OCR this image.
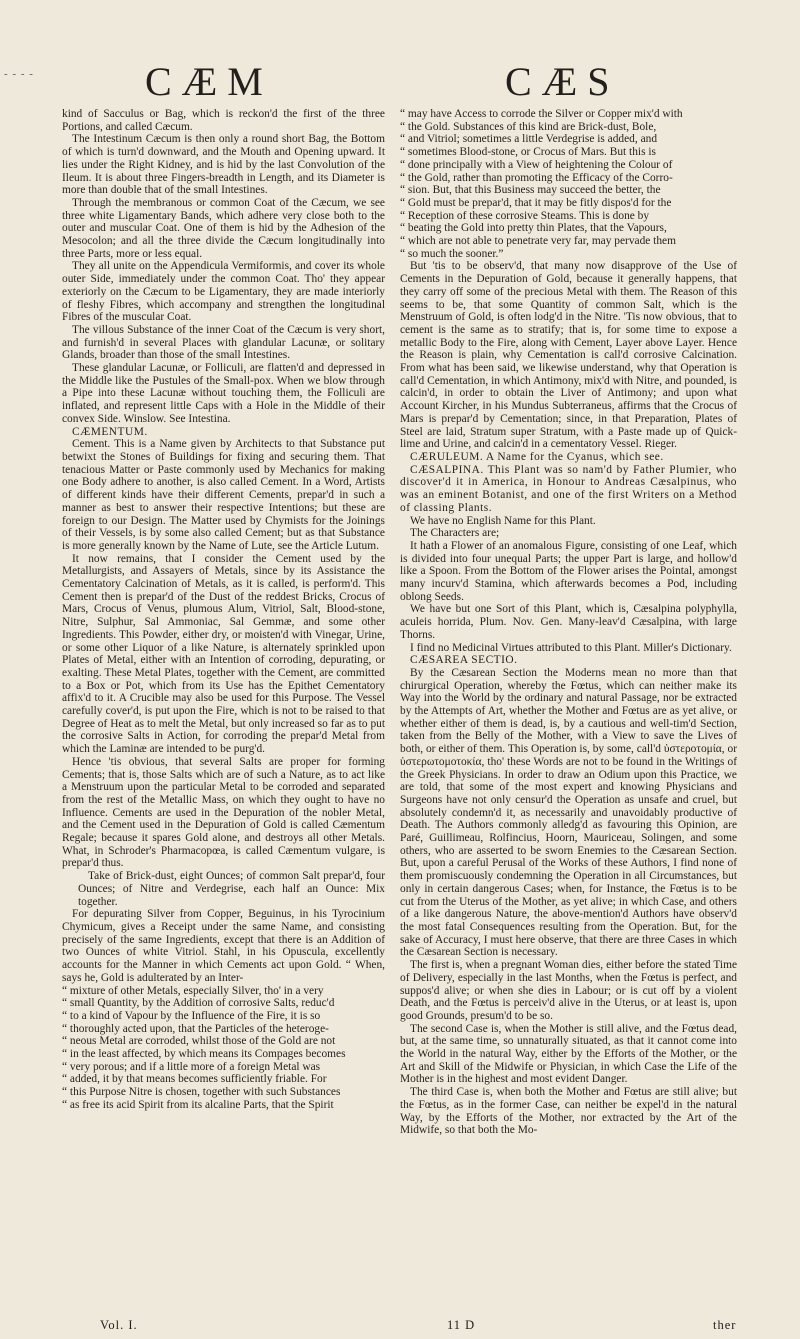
- - - -	CÆM	CÆS

kind of Sacculus or Bag, which is reckon'd the first of the three Portions, and called Cæcum.

The Intestinum Cæcum is then only a round short Bag, the Bottom of which is turn'd downward, and the Mouth and Opening upward. It lies under the Right Kidney, and is hid by the last Convolution of the Ileum. It is about three Fingers-breadth in Length, and its Diameter is more than double that of the small Intestines.

Through the membranous or common Coat of the Cæcum, we see three white Ligamentary Bands, which adhere very close both to the outer and muscular Coat. One of them is hid by the Adhesion of the Mesocolon; and all the three divide the Cæcum longitudinally into three Parts, more or less equal.

They all unite on the Appendicula Vermiformis, and cover its whole outer Side, immediately under the common Coat. Tho' they appear exteriorly on the Cæcum to be Ligamentary, they are made interiorly of fleshy Fibres, which accompany and strengthen the longitudinal Fibres of the muscular Coat.

The villous Substance of the inner Coat of the Cæcum is very short, and furnish'd in several Places with glandular Lacunæ, or solitary Glands, broader than those of the small Intestines.

These glandular Lacunæ, or Folliculi, are flatten'd and depressed in the Middle like the Pustules of the Small-pox. When we blow through a Pipe into these Lacunæ without touching them, the Folliculi are inflated, and represent little Caps with a Hole in the Middle of their convex Side. Winslow. See Intestina.

CÆMENTUM.

Cement. This is a Name given by Architects to that Substance put betwixt the Stones of Buildings for fixing and securing them. That tenacious Matter or Paste commonly used by Mechanics for making one Body adhere to another, is also called Cement. In a Word, Artists of different kinds have their different Cements, prepar'd in such a manner as best to answer their respective Intentions; but these are foreign to our Design. The Matter used by Chymists for the Joinings of their Vessels, is by some also called Cement; but as that Substance is more generally known by the Name of Lute, see the Article Lutum.

It now remains, that I consider the Cement used by the Metallurgists, and Assayers of Metals, since by its Assistance the Cementatory Calcination of Metals, as it is called, is perform'd. This Cement then is prepar'd of the Dust of the reddest Bricks, Crocus of Mars, Crocus of Venus, plumous Alum, Vitriol, Salt, Blood-stone, Nitre, Sulphur, Sal Ammoniac, Sal Gemmæ, and some other Ingredients. This Powder, either dry, or moisten'd with Vinegar, Urine, or some other Liquor of a like Nature, is alternately sprinkled upon Plates of Metal, either with an Intention of corroding, depurating, or exalting. These Metal Plates, together with the Cement, are committed to a Box or Pot, which from its Use has the Epithet Cementatory affix'd to it. A Crucible may also be used for this Purpose. The Vessel carefully cover'd, is put upon the Fire, which is not to be raised to that Degree of Heat as to melt the Metal, but only increased so far as to put the corrosive Salts in Action, for corroding the prepar'd Metal from which the Laminæ are intended to be purg'd.

Hence 'tis obvious, that several Salts are proper for forming Cements; that is, those Salts which are of such a Nature, as to act like a Menstruum upon the particular Metal to be corroded and separated from the rest of the Metallic Mass, on which they ought to have no Influence. Cements are used in the Depuration of the nobler Metal, and the Cement used in the Depuration of Gold is called Cæmentum Regale; because it spares Gold alone, and destroys all other Metals. What, in Schroder's Pharmacopœa, is called Cæmentum vulgare, is prepar'd thus.

Take of Brick-dust, eight Ounces; of common Salt prepar'd, four Ounces; of Nitre and Verdegrise, each half an Ounce: Mix together.

For depurating Silver from Copper, Beguinus, in his Tyrocinium Chymicum, gives a Receipt under the same Name, and consisting precisely of the same Ingredients, except that there is an Addition of two Ounces of white Vitriol. Stahl, in his Opuscula, excellently accounts for the Manner in which Cements act upon Gold. “ When, says he, Gold is adulterated by an Inter-

“ mixture of other Metals, especially Silver, tho' in a very

“ small Quantity, by the Addition of corrosive Salts, reduc'd

“ to a kind of Vapour by the Influence of the Fire, it is so

“ thoroughly acted upon, that the Particles of the heteroge-

“ neous Metal are corroded, whilst those of the Gold are not

“ in the least affected, by which means its Compages becomes

“ very porous; and if a little more of a foreign Metal was

“ added, it by that means becomes sufficiently friable. For

“ this Purpose Nitre is chosen, together with such Substances

“ as free its acid Spirit from its alcaline Parts, that the Spirit

“ may have Access to corrode the Silver or Copper mix'd with

“ the Gold. Substances of this kind are Brick-dust, Bole,

“ and Vitriol; sometimes a little Verdegrise is added, and

“ sometimes Blood-stone, or Crocus of Mars. But this is

“ done principally with a View of heightening the Colour of

“ the Gold, rather than promoting the Efficacy of the Corro-

“ sion. But, that this Business may succeed the better, the

“ Gold must be prepar'd, that it may be fitly dispos'd for the

“ Reception of these corrosive Steams. This is done by

“ beating the Gold into pretty thin Plates, that the Vapours,

“ which are not able to penetrate very far, may pervade them

“ so much the sooner.”

But 'tis to be observ'd, that many now disapprove of the Use of Cements in the Depuration of Gold, because it generally happens, that they carry off some of the precious Metal with them. The Reason of this seems to be, that some Quantity of common Salt, which is the Menstruum of Gold, is often lodg'd in the Nitre. 'Tis now obvious, that to cement is the same as to stratify; that is, for some time to expose a metallic Body to the Fire, along with Cement, Layer above Layer. Hence the Reason is plain, why Cementation is call'd corrosive Calcination. From what has been said, we likewise understand, why that Operation is call'd Cementation, in which Antimony, mix'd with Nitre, and pounded, is calcin'd, in order to obtain the Liver of Antimony; and upon what Account Kircher, in his Mundus Subterraneus, affirms that the Crocus of Mars is prepar'd by Cementation; since, in that Preparation, Plates of Steel are laid, Stratum super Stratum, with a Paste made up of Quick-lime and Urine, and calcin'd in a cementatory Vessel. Rieger.

CÆRULEUM. A Name for the Cyanus, which see.

CÆSALPINA. This Plant was so nam'd by Father Plumier, who discover'd it in America, in Honour to Andreas Cæsalpinus, who was an eminent Botanist, and one of the first Writers on a Method of classing Plants.

We have no English Name for this Plant.

The Characters are;

It hath a Flower of an anomalous Figure, consisting of one Leaf, which is divided into four unequal Parts; the upper Part is large, and hollow'd like a Spoon. From the Bottom of the Flower arises the Pointal, amongst many incurv'd Stamina, which afterwards becomes a Pod, including oblong Seeds.

We have but one Sort of this Plant, which is, Cæsalpina polyphylla, aculeis horrida, Plum. Nov. Gen. Many-leav'd Cæsalpina, with large Thorns.

I find no Medicinal Virtues attributed to this Plant. Miller's Dictionary.

CÆSAREA SECTIO.

By the Cæsarean Section the Moderns mean no more than that chirurgical Operation, whereby the Fœtus, which can neither make its Way into the World by the ordinary and natural Passage, nor be extracted by the Attempts of Art, whether the Mother and Fœtus are as yet alive, or whether either of them is dead, is, by a cautious and well-tim'd Section, taken from the Belly of the Mother, with a View to save the Lives of both, or either of them. This Operation is, by some, call'd ὑστεροτομία, or ὑστερωτομοτοκία, tho' these Words are not to be found in the Writings of the Greek Physicians. In order to draw an Odium upon this Practice, we are told, that some of the most expert and knowing Physicians and Surgeons have not only censur'd the Operation as unsafe and cruel, but absolutely condemn'd it, as necessarily and unavoidably productive of Death. The Authors commonly alledg'd as favouring this Opinion, are Paré, Guillimeau, Rolfincius, Hoorn, Mauriceau, Solingen, and some others, who are asserted to be sworn Enemies to the Cæsarean Section. But, upon a careful Perusal of the Works of these Authors, I find none of them promiscuously condemning the Operation in all Circumstances, but only in certain dangerous Cases; when, for Instance, the Fœtus is to be cut from the Uterus of the Mother, as yet alive; in which Case, and others of a like dangerous Nature, the above-mention'd Authors have observ'd the most fatal Consequences resulting from the Operation. But, for the sake of Accuracy, I must here observe, that there are three Cases in which the Cæsarean Section is necessary.

The first is, when a pregnant Woman dies, either before the stated Time of Delivery, especially in the last Months, when the Fœtus is perfect, and suppos'd alive; or when she dies in Labour; or is cut off by a violent Death, and the Fœtus is perceiv'd alive in the Uterus, or at least is, upon good Grounds, presum'd to be so.

The second Case is, when the Mother is still alive, and the Fœtus dead, but, at the same time, so unnaturally situated, as that it cannot come into the World in the natural Way, either by the Efforts of the Mother, or the Art and Skill of the Midwife or Physician, in which Case the Life of the Mother is in the highest and most evident Danger.

The third Case is, when both the Mother and Fœtus are still alive; but the Fœtus, as in the former Case, can neither be expel'd in the natural Way, by the Efforts of the Mother, nor extracted by the Art of the Midwife, so that both the Mo-

Vol. I.	11 D	ther
